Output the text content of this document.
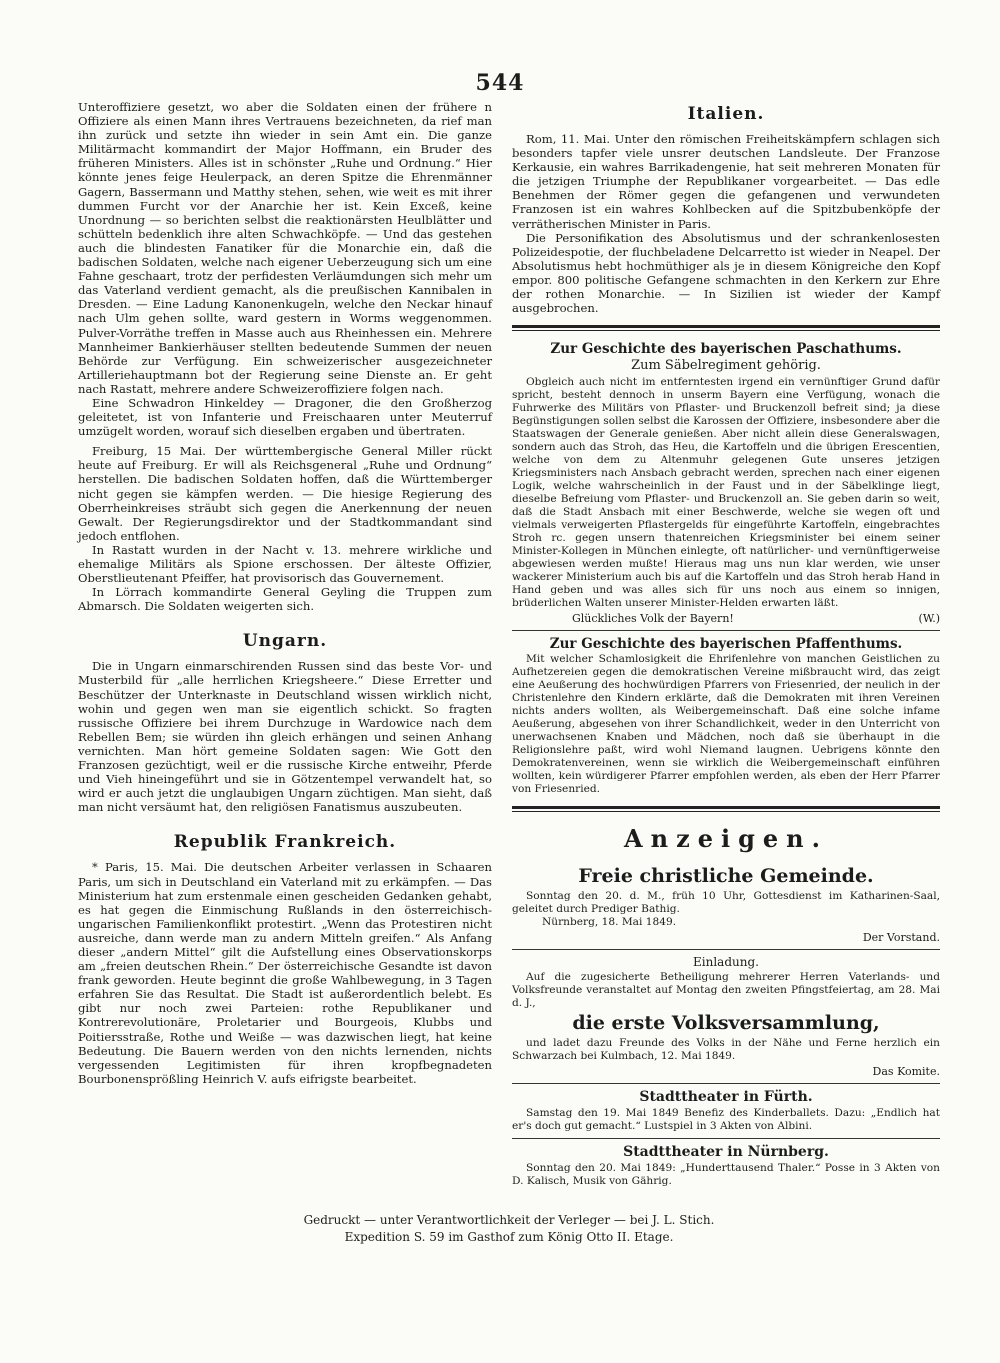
544

Unteroffiziere gesetzt, wo aber die Soldaten einen der frühere n Offiziere als einen Mann ihres Vertrauens bezeichneten, da rief man ihn zurück und setzte ihn wieder in sein Amt ein. Die ganze Militärmacht kommandirt der Major Hoffmann, ein Bruder des früheren Ministers. Alles ist in schönster „Ruhe und Ordnung.“ Hier könnte jenes feige Heulerpack, an deren Spitze die Ehrenmänner Gagern, Bassermann und Matthy stehen, sehen, wie weit es mit ihrer dummen Furcht vor der Anarchie her ist. Kein Exceß, keine Unordnung — so berichten selbst die reaktionärsten Heulblätter und schütteln bedenklich ihre alten Schwachköpfe. — Und das gestehen auch die blindesten Fanatiker für die Monarchie ein, daß die badischen Soldaten, welche nach eigener Ueberzeugung sich um eine Fahne geschaart, trotz der perfidesten Verläumdungen sich mehr um das Vaterland verdient gemacht, als die preußischen Kannibalen in Dresden. — Eine Ladung Kanonenkugeln, welche den Neckar hinauf nach Ulm gehen sollte, ward gestern in Worms weggenommen. Pulver-Vorräthe treffen in Masse auch aus Rheinhessen ein. Mehrere Mannheimer Bankierhäuser stellten bedeutende Summen der neuen Behörde zur Verfügung. Ein schweizerischer ausgezeichneter Artilleriehauptmann bot der Regierung seine Dienste an. Er geht nach Rastatt, mehrere andere Schweizeroffiziere folgen nach.

Eine Schwadron Hinkeldey — Dragoner, die den Großherzog geleitetet, ist von Infanterie und Freischaaren unter Meuterruf umzügelt worden, worauf sich dieselben ergaben und übertraten.

Freiburg, 15 Mai. Der württembergische General Miller rückt heute auf Freiburg. Er will als Reichsgeneral „Ruhe und Ordnung“ herstellen. Die badischen Soldaten hoffen, daß die Württemberger nicht gegen sie kämpfen werden. — Die hiesige Regierung des Oberrheinkreises sträubt sich gegen die Anerkennung der neuen Gewalt. Der Regierungsdirektor und der Stadtkommandant sind jedoch entflohen.

In Rastatt wurden in der Nacht v. 13. mehrere wirkliche und ehemalige Militärs als Spione erschossen. Der älteste Offizier, Oberstlieutenant Pfeiffer, hat provisorisch das Gouvernement.

In Lörrach kommandirte General Geyling die Truppen zum Abmarsch. Die Soldaten weigerten sich.

Ungarn.

Die in Ungarn einmarschirenden Russen sind das beste Vor- und Musterbild für „alle herrlichen Kriegsheere.“ Diese Erretter und Beschützer der Unterknaste in Deutschland wissen wirklich nicht, wohin und gegen wen man sie eigentlich schickt. So fragten russische Offiziere bei ihrem Durchzuge in Wardowice nach dem Rebellen Bem; sie würden ihn gleich erhängen und seinen Anhang vernichten. Man hört gemeine Soldaten sagen: Wie Gott den Franzosen gezüchtigt, weil er die russische Kirche entweihr, Pferde und Vieh hineingeführt und sie in Götzentempel verwandelt hat, so wird er auch jetzt die unglaubigen Ungarn züchtigen. Man sieht, daß man nicht versäumt hat, den religiösen Fanatismus auszubeuten.

Republik Frankreich.

* Paris, 15. Mai. Die deutschen Arbeiter verlassen in Schaaren Paris, um sich in Deutschland ein Vaterland mit zu erkämpfen. — Das Ministerium hat zum erstenmale einen gescheiden Gedanken gehabt, es hat gegen die Einmischung Rußlands in den österreichisch-ungarischen Familienkonflikt protestirt. „Wenn das Protestiren nicht ausreiche, dann werde man zu andern Mitteln greifen.“ Als Anfang dieser „andern Mittel“ gilt die Aufstellung eines Observationskorps am „freien deutschen Rhein.“ Der österreichische Gesandte ist davon frank geworden. Heute beginnt die große Wahlbewegung, in 3 Tagen erfahren Sie das Resultat. Die Stadt ist außerordentlich belebt. Es gibt nur noch zwei Parteien: rothe Republikaner und Kontrerevolutionäre, Proletarier und Bourgeois, Klubbs und Poitiersstraße, Rothe und Weiße — was dazwischen liegt, hat keine Bedeutung. Die Bauern werden von den nichts lernenden, nichts vergessenden Legitimisten für ihren kropfbegnadeten Bourbonensprößling Heinrich V. aufs eifrigste bearbeitet.

Italien.

Rom, 11. Mai. Unter den römischen Freiheitskämpfern schlagen sich besonders tapfer viele unsrer deutschen Landsleute. Der Franzose Kerkausie, ein wahres Barrikadengenie, hat seit mehreren Monaten für die jetzigen Triumphe der Republikaner vorgearbeitet. — Das edle Benehmen der Römer gegen die gefangenen und verwundeten Franzosen ist ein wahres Kohlbecken auf die Spitzbubenköpfe der verrätherischen Minister in Paris.

Die Personifikation des Absolutismus und der schrankenlosesten Polizeidespotie, der fluchbeladene Delcarretto ist wieder in Neapel. Der Absolutismus hebt hochmüthiger als je in diesem Königreiche den Kopf empor. 800 politische Gefangene schmachten in den Kerkern zur Ehre der rothen Monarchie. — In Sizilien ist wieder der Kampf ausgebrochen.

Zur Geschichte des bayerischen Paschathums.
Zum Säbelregiment gehörig.

Obgleich auch nicht im entferntesten irgend ein vernünftiger Grund dafür spricht, besteht dennoch in unserm Bayern eine Verfügung, wonach die Fuhrwerke des Militärs von Pflaster- und Bruckenzoll befreit sind; ja diese Begünstigungen sollen selbst die Karossen der Offiziere, insbesondere aber die Staatswagen der Generale genießen. Aber nicht allein diese Generalswagen, sondern auch das Stroh, das Heu, die Kartoffeln und die übrigen Erescentien, welche von dem zu Altenmuhr gelegenen Gute unseres jetzigen Kriegsministers nach Ansbach gebracht werden, sprechen nach einer eigenen Logik, welche wahrscheinlich in der Faust und in der Säbelklinge liegt, dieselbe Befreiung vom Pflaster- und Bruckenzoll an. Sie geben darin so weit, daß die Stadt Ansbach mit einer Beschwerde, welche sie wegen oft und vielmals verweigerten Pflastergelds für eingeführte Kartoffeln, eingebrachtes Stroh rc. gegen unsern thatenreichen Kriegsminister bei einem seiner Minister-Kollegen in München einlegte, oft natürlicher- und vernünftigerweise abgewiesen werden mußte! Hieraus mag uns nun klar werden, wie unser wackerer Ministerium auch bis auf die Kartoffeln und das Stroh herab Hand in Hand geben und was alles sich für uns noch aus einem so innigen, brüderlichen Walten unserer Minister-Helden erwarten läßt.

Glückliches Volk der Bayern!	(W.)
Zur Geschichte des bayerischen Pfaffenthums.

Mit welcher Schamlosigkeit die Ehrifenlehre von manchen Geistlichen zu Aufhetzereien gegen die demokratischen Vereine mißbraucht wird, das zeigt eine Aeußerung des hochwürdigen Pfarrers von Friesenried, der neulich in der Christenlehre den Kindern erklärte, daß die Demokraten mit ihren Vereinen nichts anders wollten, als Weibergemeinschaft. Daß eine solche infame Aeußerung, abgesehen von ihrer Schandlichkeit, weder in den Unterricht von unerwachsenen Knaben und Mädchen, noch daß sie überhaupt in die Religionslehre paßt, wird wohl Niemand laugnen. Uebrigens könnte den Demokratenvereinen, wenn sie wirklich die Weibergemeinschaft einführen wollten, kein würdigerer Pfarrer empfohlen werden, als eben der Herr Pfarrer von Friesenried.

Anzeigen.
Freie christliche Gemeinde.

Sonntag den 20. d. M., früh 10 Uhr, Gottesdienst im Katharinen-Saal, geleitet durch Prediger Bathig.

Nürnberg, 18. Mai 1849.

Der Vorstand.
Einladung.

Auf die zugesicherte Betheiligung mehrerer Herren Vaterlands- und Volksfreunde veranstaltet auf Montag den zweiten Pfingstfeiertag, am 28. Mai d. J.,

die erste Volksversammlung,

und ladet dazu Freunde des Volks in der Nähe und Ferne herzlich ein Schwarzach bei Kulmbach, 12. Mai 1849.

Das Komite.
Stadttheater in Fürth.

Samstag den 19. Mai 1849 Benefiz des Kinderballets. Dazu: „Endlich hat er's doch gut gemacht.“ Lustspiel in 3 Akten von Albini.

Stadttheater in Nürnberg.

Sonntag den 20. Mai 1849: „Hunderttausend Thaler.“ Posse in 3 Akten von D. Kalisch, Musik von Gährig.

Gedruckt — unter Verantwortlichkeit der Verleger — bei J. L. Stich.
Expedition S. 59 im Gasthof zum König Otto II. Etage.
